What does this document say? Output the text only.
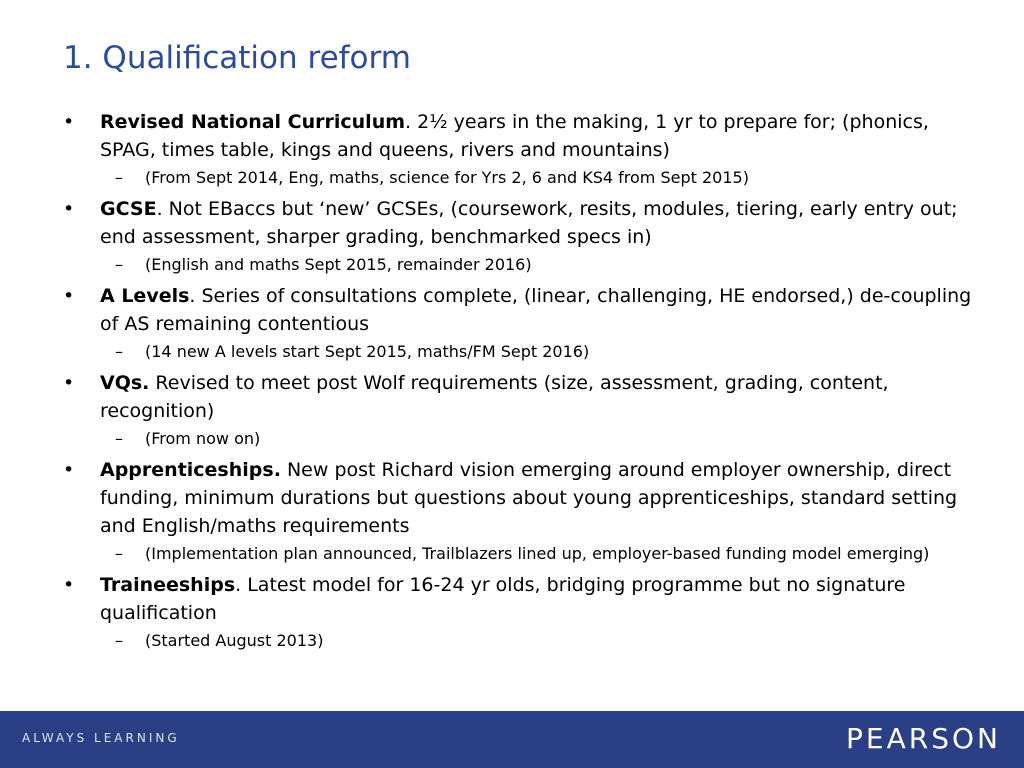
1. Qualification reform
•	Revised National Curriculum. 2½ years in the making, 1 yr to prepare for; (phonics, SPAG, times table, kings and queens, rivers and mountains)
– (From Sept 2014, Eng, maths, science for Yrs 2, 6 and KS4 from Sept 2015)
•	GCSE. Not EBaccs but ‘new’ GCSEs, (coursework, resits, modules, tiering, early entry out; end assessment, sharper grading, benchmarked specs in)
– (English and maths Sept 2015, remainder 2016)
•	A Levels. Series of consultations complete, (linear, challenging, HE endorsed,) de-coupling of AS remaining contentious
– (14 new A levels start Sept 2015, maths/FM Sept 2016)
•	VQs. Revised to meet post Wolf requirements (size, assessment, grading, content, recognition)
– (From now on)
•	Apprenticeships. New post Richard vision emerging around employer ownership, direct funding, minimum durations but questions about young apprenticeships, standard setting and English/maths requirements
– (Implementation plan announced, Trailblazers lined up, employer-based funding model emerging)
•	Traineeships. Latest model for 16-24 yr olds, bridging programme but no signature qualification
– (Started August 2013)
ALWAYS LEARNING	PEARSON
